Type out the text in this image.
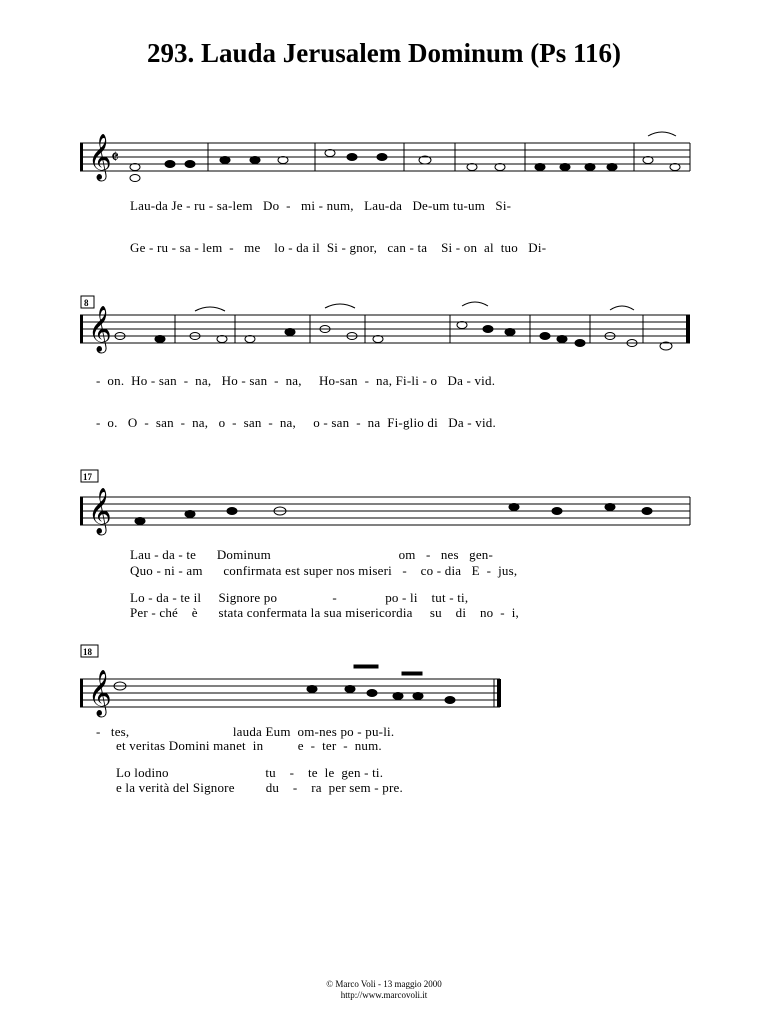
293. Lauda Jerusalem Dominum (Ps 116)
𝄞 𝄵
𝄞
𝄞
𝄞
8
17
18
Lau-da Je - ru - sa-lem   Do  -   mi - num,   Lau-da   De-um tu-um   Si-
Ge - ru - sa - lem  -   me    lo - da il  Si - gnor,   can - ta    Si - on  al  tuo   Di-
-  on.  Ho - san  -  na,   Ho - san  -  na,     Ho-san  -  na, Fi-li - o   Da - vid.
-  o.   O  -  san  -  na,   o  -  san  -  na,     o - san  -  na  Fi-glio di   Da - vid.
Lau - da - te      Dominum                                     om   -   nes   gen-
Quo - ni - am      confirmata est super nos miseri   -    co - dia   E  -  jus,
Lo - da - te il     Signore po                -              po - li    tut - ti,
Per - ché    è      stata confermata la sua misericordia     su    di    no  -  i,
-   tes,                              lauda Eum  om-nes po - pu-li.
et veritas Domini manet  in          e  -  ter  -  num.
Lo lodino                            tu    -    te  le  gen - ti.
e la verità del Signore         du    -    ra  per sem - pre.
© Marco Voli - 13 maggio 2000
http://www.marcovoli.it
